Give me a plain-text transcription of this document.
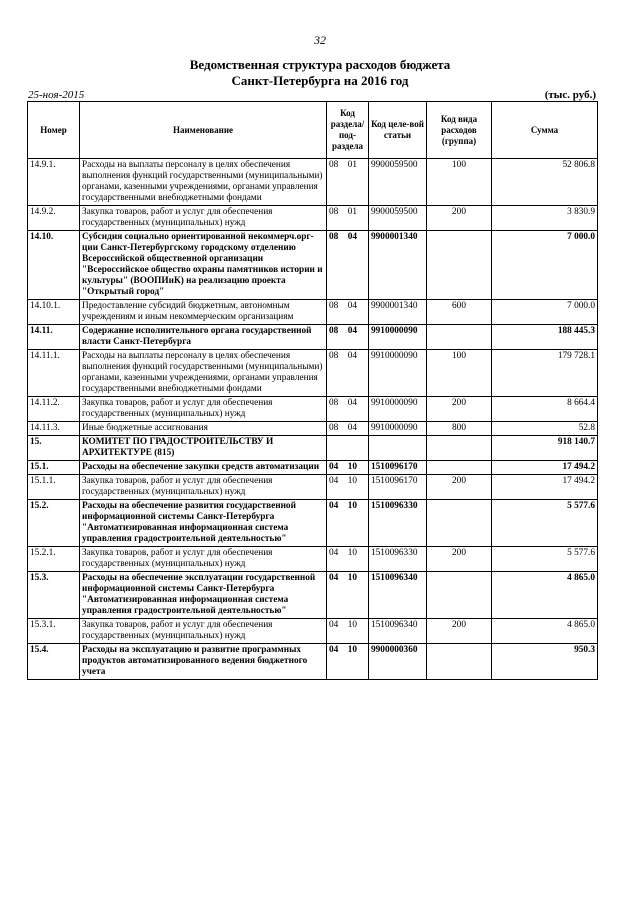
32
Ведомственная структура расходов бюджета
Санкт-Петербурга на 2016 год
25-ноя-2015	(тыс. руб.)
Номер	Наименование	Код раздела/ под-раздела	Код целе-вой статьи	Код вида расходов (группа)	Сумма
14.9.1.	Расходы на выплаты персоналу в целях обеспечения выполнения функций государственными (муниципальными) органами, казенными учреждениями, органами управления государственными внебюджетными фондами	08 01	9900059500	100	52 806.8
14.9.2.	Закупка товаров, работ и услуг для обеспечения государственных (муниципальных) нужд	08 01	9900059500	200	3 830.9
14.10.	Субсидия социально ориентированной некоммерч.орг-ции Санкт-Петербургскому городскому отделению Всероссийской общественной организации "Всероссийское общество охраны памятников истории и культуры" (ВООПИиК) на реализацию проекта "Открытый город"	08 04	9900001340		7 000.0
14.10.1.	Предоставление субсидий бюджетным, автономным учреждениям и иным некоммерческим организациям	08 04	9900001340	600	7 000.0
14.11.	Содержание исполнительного органа государственной власти Санкт-Петербурга	08 04	9910000090		188 445.3
14.11.1.	Расходы на выплаты персоналу в целях обеспечения выполнения функций государственными (муниципальными) органами, казенными учреждениями, органами управления государственными внебюджетными фондами	08 04	9910000090	100	179 728.1
14.11.2.	Закупка товаров, работ и услуг для обеспечения государственных (муниципальных) нужд	08 04	9910000090	200	8 664.4
14.11.3.	Иные бюджетные ассигнования	08 04	9910000090	800	52.8
15.	КОМИТЕТ ПО ГРАДОСТРОИТЕЛЬСТВУ И АРХИТЕКТУРЕ (815)				918 140.7
15.1.	Расходы на обеспечение закупки средств автоматизации	04 10	1510096170		17 494.2
15.1.1.	Закупка товаров, работ и услуг для обеспечения государственных (муниципальных) нужд	04 10	1510096170	200	17 494.2
15.2.	Расходы на обеспечение развития государственной информационной системы Санкт-Петербурга "Автоматизированная информационная система управления градостроительной деятельностью"	04 10	1510096330		5 577.6
15.2.1.	Закупка товаров, работ и услуг для обеспечения государственных (муниципальных) нужд	04 10	1510096330	200	5 577.6
15.3.	Расходы на обеспечение эксплуатации государственной информационной системы Санкт-Петербурга "Автоматизированная информационная система управления градостроительной деятельностью"	04 10	1510096340		4 865.0
15.3.1.	Закупка товаров, работ и услуг для обеспечения государственных (муниципальных) нужд	04 10	1510096340	200	4 865.0
15.4.	Расходы на эксплуатацию и развитие программных продуктов автоматизированного ведения бюджетного учета	04 10	9900000360		950.3
